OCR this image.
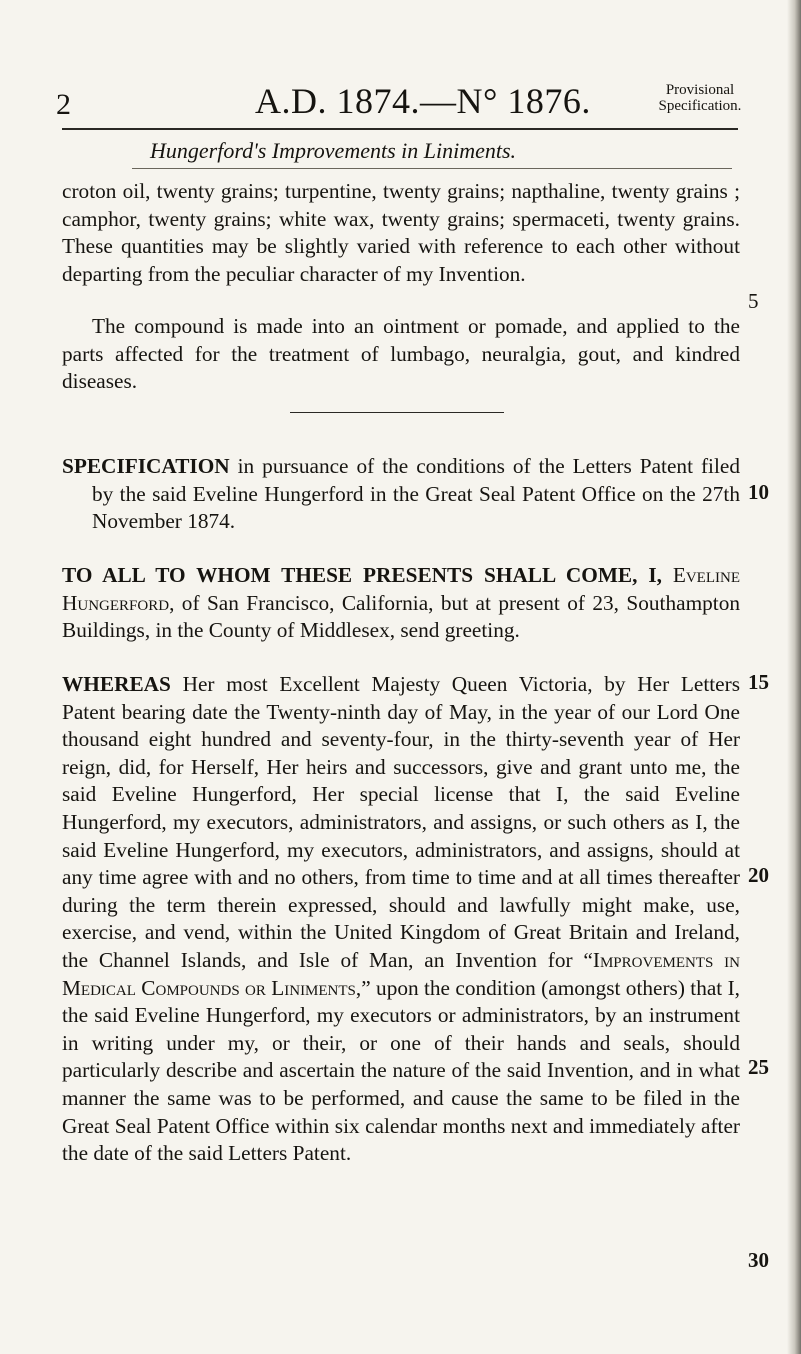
2	A.D. 1874.—N° 1876.	Provisional
Specification.
Hungerford's Improvements in Liniments.

croton oil, twenty grains; turpentine, twenty grains; napthaline, twenty grains ; camphor, twenty grains; white wax, twenty grains; spermaceti, twenty grains. These quantities may be slightly varied with reference to each other without departing from the peculiar character of my Invention.

The compound is made into an ointment or pomade, and applied to the parts affected for the treatment of lumbago, neuralgia, gout, and kindred diseases.

SPECIFICATION in pursuance of the conditions of the Letters Patent filed by the said Eveline Hungerford in the Great Seal Patent Office on the 27th November 1874.

TO ALL TO WHOM THESE PRESENTS SHALL COME, I, Eveline Hungerford, of San Francisco, California, but at present of 23, Southampton Buildings, in the County of Middlesex, send greeting.

WHEREAS Her most Excellent Majesty Queen Victoria, by Her Letters Patent bearing date the Twenty-ninth day of May, in the year of our Lord One thousand eight hundred and seventy-four, in the thirty-seventh year of Her reign, did, for Herself, Her heirs and successors, give and grant unto me, the said Eveline Hungerford, Her special license that I, the said Eveline Hungerford, my executors, administrators, and assigns, or such others as I, the said Eveline Hungerford, my executors, administrators, and assigns, should at any time agree with and no others, from time to time and at all times thereafter during the term therein expressed, should and lawfully might make, use, exercise, and vend, within the United Kingdom of Great Britain and Ireland, the Channel Islands, and Isle of Man, an Invention for “Improvements in Medical Compounds or Liniments,” upon the condition (amongst others) that I, the said Eveline Hungerford, my executors or administrators, by an instrument in writing under my, or their, or one of their hands and seals, should particularly describe and ascertain the nature of the said Invention, and in what manner the same was to be performed, and cause the same to be filed in the Great Seal Patent Office within six calendar months next and immediately after the date of the said Letters Patent.

5
10
15
20
25
30
